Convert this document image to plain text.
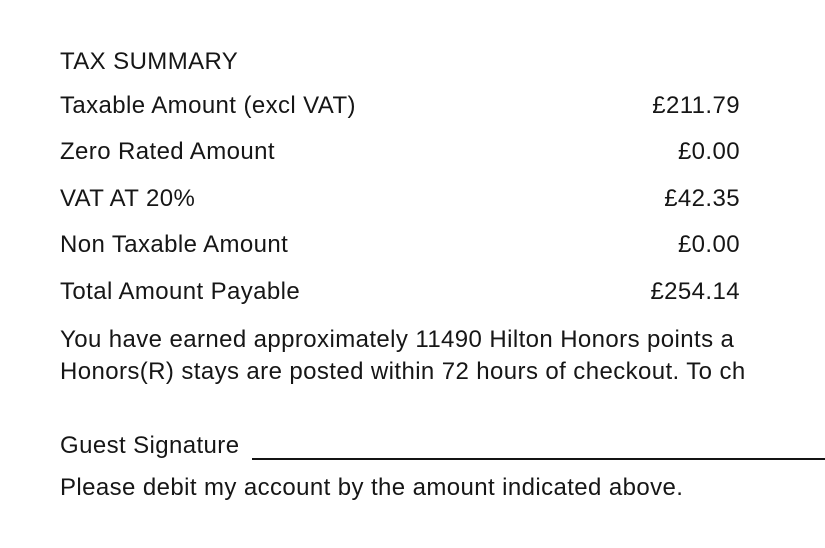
TAX SUMMARY
Taxable Amount (excl VAT)	£211.79
Zero Rated Amount	£0.00
VAT AT 20%	£42.35
Non Taxable Amount	£0.00
Total Amount Payable	£254.14
You have earned approximately 11490 Hilton Honors points a
Honors(R) stays are posted within 72 hours of checkout. To ch
Guest Signature
Please debit my account by the amount indicated above.
